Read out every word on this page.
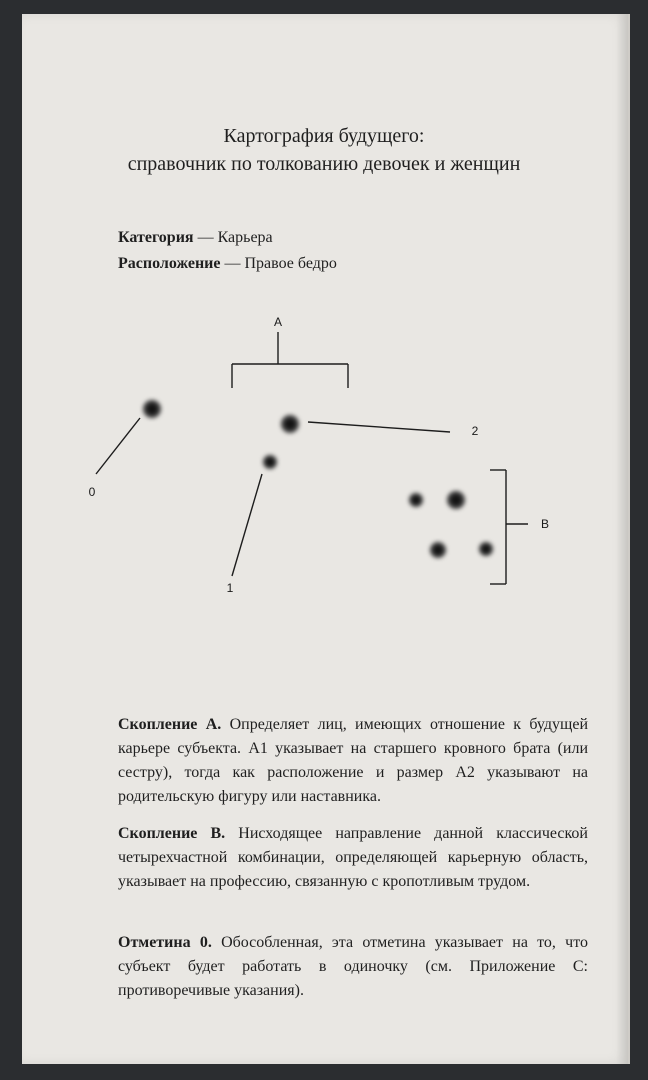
Картография будущего:
справочник по толкованию девочек и женщин
Категория — Карьера
Расположение — Правое бедро
A
B
0
1
2
Скопление А. Определяет лиц, имеющих отношение к будущей карьере субъекта. А1 указывает на старшего кровного брата (или сестру), тогда как расположение и размер А2 указывают на родительскую фигуру или наставника.
Скопление В. Нисходящее направление данной классической четырехчастной комбинации, определяющей карьерную область, указывает на профессию, связанную с кропотливым трудом.
Отметина 0. Обособленная, эта отметина указывает на то, что субъект будет работать в одиночку (см. Приложение С: противоречивые указания).
